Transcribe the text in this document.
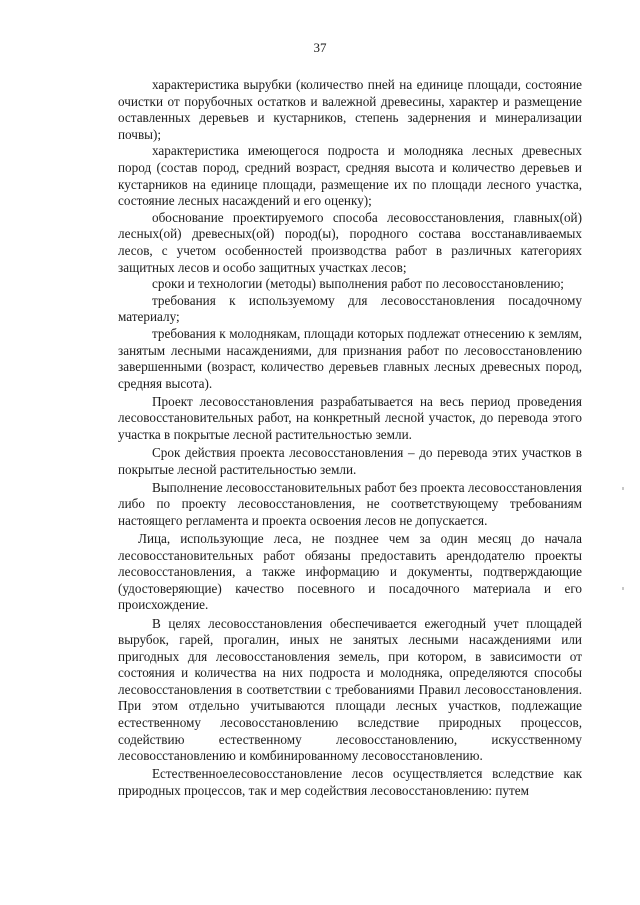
37

характеристика вырубки (количество пней на единице площади, состояние очистки от порубочных остатков и валежной древесины, характер и размещение оставленных деревьев и кустарников, степень задернения и минерализации почвы);

характеристика имеющегося подроста и молодняка лесных древесных пород (состав пород, средний возраст, средняя высота и количество деревьев и кустарников на единице площади, размещение их по площади лесного участка, состояние лесных насаждений и его оценку);

обоснование проектируемого способа лесовосстановления, главных(ой) лесных(ой) древесных(ой) пород(ы), породного состава восстанавливаемых лесов, с учетом особенностей производства работ в различных категориях защитных лесов и особо защитных участках лесов;

сроки и технологии (методы) выполнения работ по лесовосстановлению;

требования к используемому для лесовосстановления посадочному материалу;

требования к молоднякам, площади которых подлежат отнесению к землям, занятым лесными насаждениями, для признания работ по лесовосстановлению завершенными (возраст, количество деревьев главных лесных древесных пород, средняя высота).

Проект лесовосстановления разрабатывается на весь период проведения лесовосстановительных работ, на конкретный лесной участок, до перевода этого участка в покрытые лесной растительностью земли.

Срок действия проекта лесовосстановления – до перевода этих участков в покрытые лесной растительностью земли.

Выполнение лесовосстановительных работ без проекта лесовосстановления либо по проекту лесовосстановления, не соответствующему требованиям настоящего регламента и проекта освоения лесов не допускается.

Лица, использующие леса, не позднее чем за один месяц до начала лесовосстановительных работ обязаны предоставить арендодателю проекты лесовосстановления, а также информацию и документы, подтверждающие (удостоверяющие) качество посевного и посадочного материала и его происхождение.

В целях лесовосстановления обеспечивается ежегодный учет площадей вырубок, гарей, прогалин, иных не занятых лесными насаждениями или пригодных для лесовосстановления земель, при котором, в зависимости от состояния и количества на них подроста и молодняка, определяются способы лесовосстановления в соответствии с требованиями Правил лесовосстановления. При этом отдельно учитываются площади лесных участков, подлежащие естественному лесовосстановлению вследствие природных процессов, содействию естественному лесовосстановлению, искусственному лесовосстановлению и комбинированному лесовосстановлению.

Естественноелесовосстановление лесов осуществляется вследствие как природных процессов, так и мер содействия лесовосстановлению: путем
